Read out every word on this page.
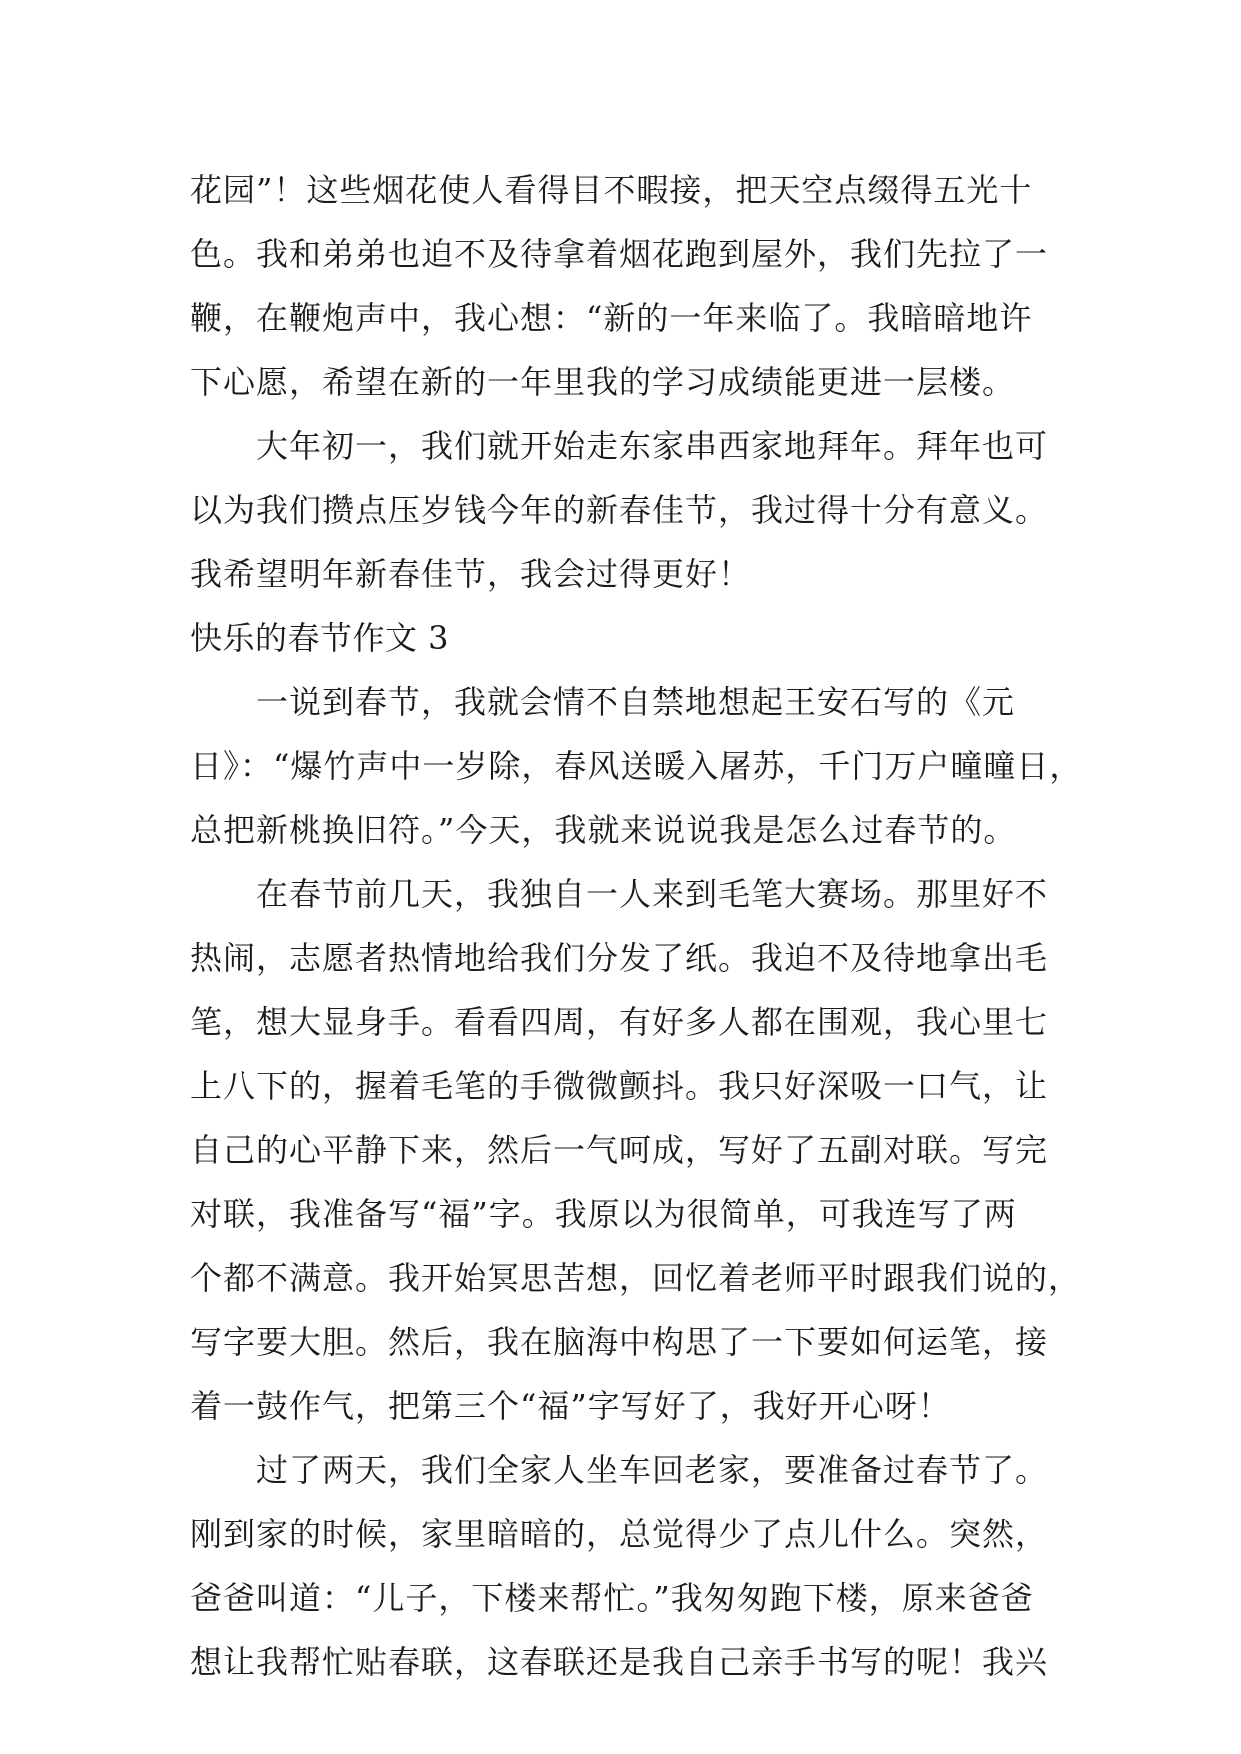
花园”！这些烟花使人看得目不暇接，把天空点缀得五光十
色。我和弟弟也迫不及待拿着烟花跑到屋外，我们先拉了一
鞭，在鞭炮声中，我心想：“新的一年来临了。我暗暗地许
下心愿，希望在新的一年里我的学习成绩能更进一层楼。
大年初一，我们就开始走东家串西家地拜年。拜年也可
以为我们攒点压岁钱今年的新春佳节，我过得十分有意义。
我希望明年新春佳节，我会过得更好！
快乐的春节作文 3
一说到春节，我就会情不自禁地想起王安石写的《元
日》：“爆竹声中一岁除，春风送暖入屠苏，千门万户曈曈日，
总把新桃换旧符。”今天，我就来说说我是怎么过春节的。
在春节前几天，我独自一人来到毛笔大赛场。那里好不
热闹，志愿者热情地给我们分发了纸。我迫不及待地拿出毛
笔，想大显身手。看看四周，有好多人都在围观，我心里七
上八下的，握着毛笔的手微微颤抖。我只好深吸一口气，让
自己的心平静下来，然后一气呵成，写好了五副对联。写完
对联，我准备写“福”字。我原以为很简单，可我连写了两
个都不满意。我开始冥思苦想，回忆着老师平时跟我们说的，
写字要大胆。然后，我在脑海中构思了一下要如何运笔，接
着一鼓作气，把第三个“福”字写好了，我好开心呀！
过了两天，我们全家人坐车回老家，要准备过春节了。
刚到家的时候，家里暗暗的，总觉得少了点儿什么。突然，
爸爸叫道：“儿子，下楼来帮忙。”我匆匆跑下楼，原来爸爸
想让我帮忙贴春联，这春联还是我自己亲手书写的呢！我兴
